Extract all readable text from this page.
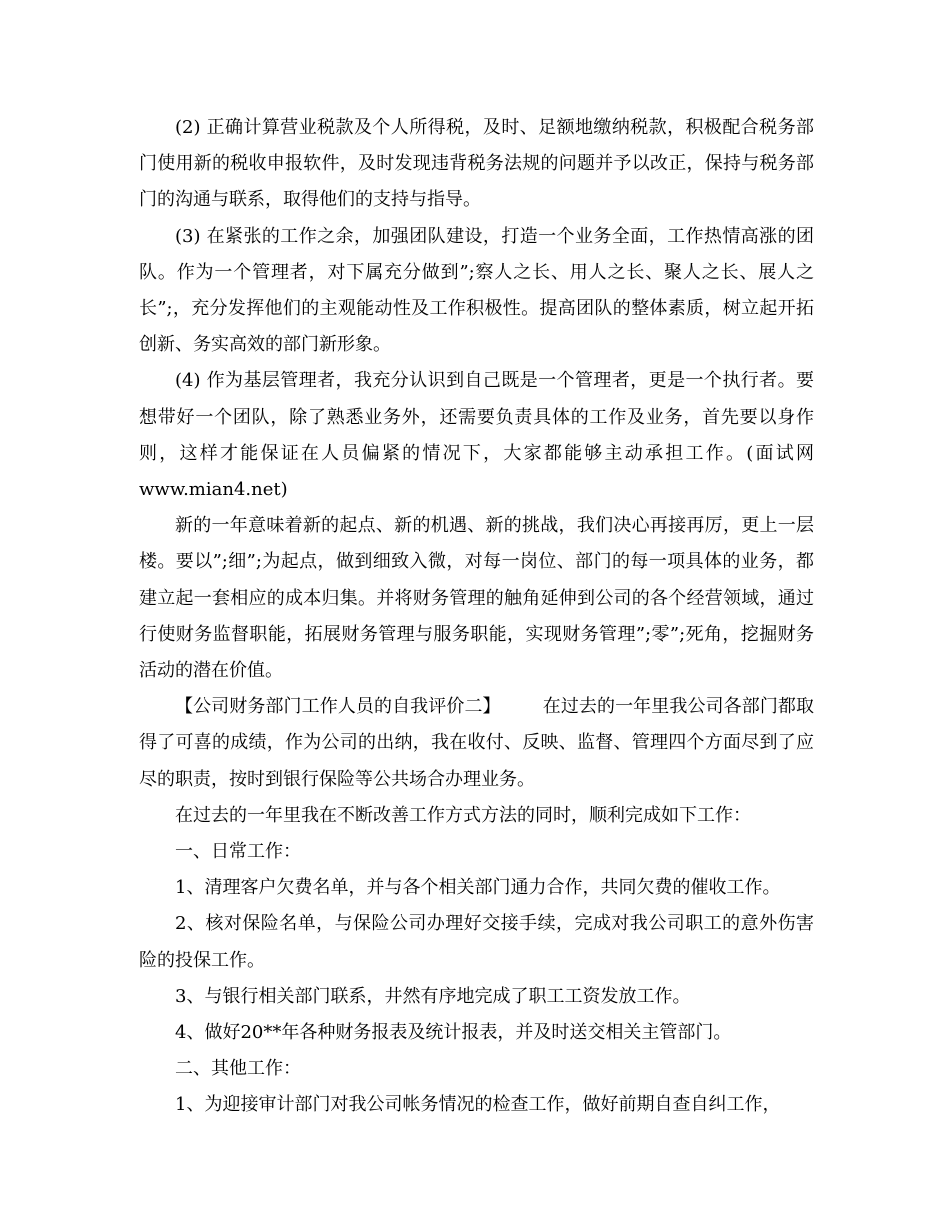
(2) 正确计算营业税款及个人所得税，及时、足额地缴纳税款，积极配合税务部门使用新的税收申报软件，及时发现违背税务法规的问题并予以改正，保持与税务部门的沟通与联系，取得他们的支持与指导。

(3) 在紧张的工作之余，加强团队建设，打造一个业务全面，工作热情高涨的团队。作为一个管理者，对下属充分做到”;察人之长、用人之长、聚人之长、展人之长”;，充分发挥他们的主观能动性及工作积极性。提高团队的整体素质，树立起开拓创新、务实高效的部门新形象。

(4) 作为基层管理者，我充分认识到自己既是一个管理者，更是一个执行者。要想带好一个团队，除了熟悉业务外，还需要负责具体的工作及业务，首先要以身作则，这样才能保证在人员偏紧的情况下，大家都能够主动承担工作。(面试网www.mian4.net)

新的一年意味着新的起点、新的机遇、新的挑战，我们决心再接再厉，更上一层楼。要以”;细”;为起点，做到细致入微，对每一岗位、部门的每一项具体的业务，都建立起一套相应的成本归集。并将财务管理的触角延伸到公司的各个经营领域，通过行使财务监督职能，拓展财务管理与服务职能，实现财务管理”;零”;死角，挖掘财务活动的潜在价值。

【公司财务部门工作人员的自我评价二】 在过去的一年里我公司各部门都取得了可喜的成绩，作为公司的出纳，我在收付、反映、监督、管理四个方面尽到了应尽的职责，按时到银行保险等公共场合办理业务。

在过去的一年里我在不断改善工作方式方法的同时，顺利完成如下工作：

一、日常工作：

1、清理客户欠费名单，并与各个相关部门通力合作，共同欠费的催收工作。

2、核对保险名单，与保险公司办理好交接手续，完成对我公司职工的意外伤害险的投保工作。

3、与银行相关部门联系，井然有序地完成了职工工资发放工作。

4、做好20**年各种财务报表及统计报表，并及时送交相关主管部门。

二、其他工作：

1、为迎接审计部门对我公司帐务情况的检查工作，做好前期自查自纠工作，
